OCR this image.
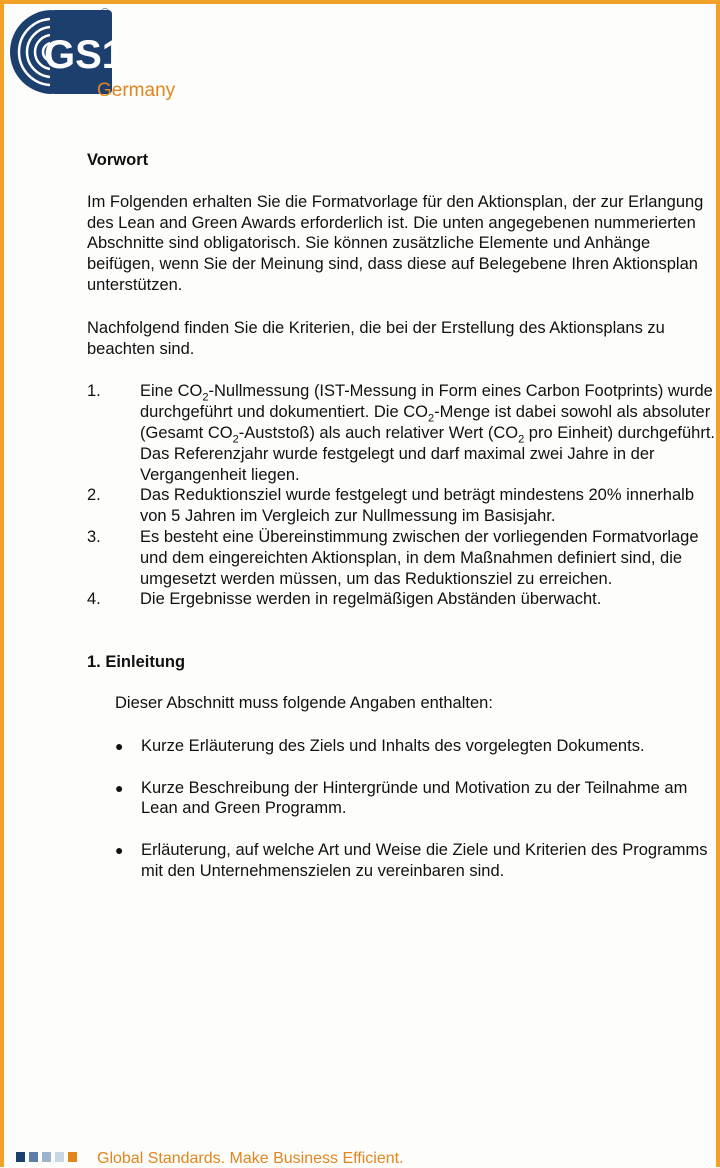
GS1
®
Germany

Vorwort

Im Folgenden erhalten Sie die Formatvorlage für den Aktionsplan, der zur Erlangung des Lean and Green Awards erforderlich ist. Die unten angegebenen nummerierten Abschnitte sind obligatorisch. Sie können zusätzliche Elemente und Anhänge beifügen, wenn Sie der Meinung sind, dass diese auf Belegebene Ihren Aktionsplan unterstützen.

Nachfolgend finden Sie die Kriterien, die bei der Erstellung des Aktionsplans zu beachten sind.

1.	Eine $CO_2$-Nullmessung (IST-Messung in Form eines Carbon Footprints) wurde durchgeführt und dokumentiert. Die $CO_2$-Menge ist dabei sowohl als absoluter (Gesamt $CO_2-Auststoß$) als auch relativer Wert ($CO_2$ pro Einheit) durchgeführt. Das Referenzjahr wurde festgelegt und darf maximal zwei Jahre in der Vergangenheit liegen.
2.	Das Reduktionsziel wurde festgelegt und beträgt mindestens 20% innerhalb von 5 Jahren im Vergleich zur Nullmessung im Basisjahr.
3.	Es besteht eine Übereinstimmung zwischen der vorliegenden Formatvorlage und dem eingereichten Aktionsplan, in dem Maßnahmen definiert sind, die umgesetzt werden müssen, um das Reduktionsziel zu erreichen.
4.	Die Ergebnisse werden in regelmäßigen Abständen überwacht.

1. Einleitung

Dieser Abschnitt muss folgende Angaben enthalten:

●	Kurze Erläuterung des Ziels und Inhalts des vorgelegten Dokuments.
●	Kurze Beschreibung der Hintergründe und Motivation zu der Teilnahme am Lean and Green Programm.
●	Erläuterung, auf welche Art und Weise die Ziele und Kriterien des Programms mit den Unternehmenszielen zu vereinbaren sind.
Global Standards. Make Business Efficient.
